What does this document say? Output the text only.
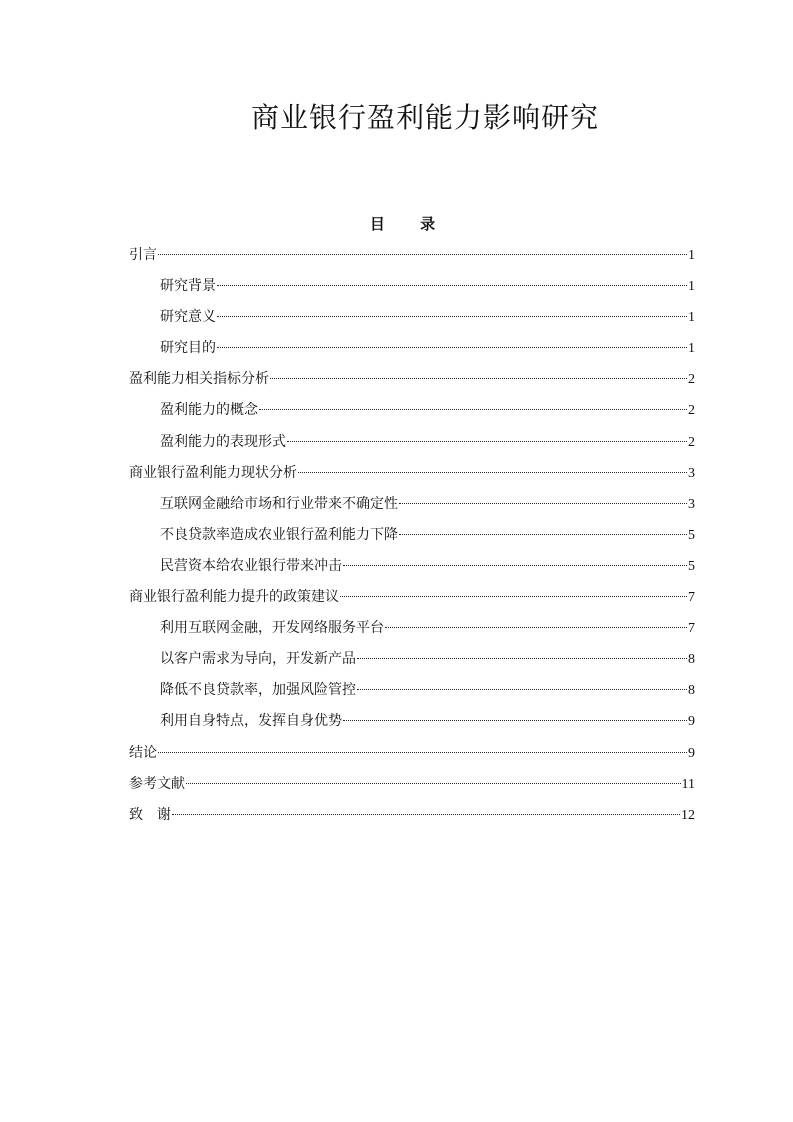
商业银行盈利能力影响研究
目 录
引言	1
研究背景	1
研究意义	1
研究目的	1
盈利能力相关指标分析	2
盈利能力的概念	2
盈利能力的表现形式	2
商业银行盈利能力现状分析	3
互联网金融给市场和行业带来不确定性	3
不良贷款率造成农业银行盈利能力下降	5
民营资本给农业银行带来冲击	5
商业银行盈利能力提升的政策建议	7
利用互联网金融，开发网络服务平台	7
以客户需求为导向，开发新产品	8
降低不良贷款率，加强风险管控	8
利用自身特点，发挥自身优势	9
结论	9
参考文献	11
致　谢	12
